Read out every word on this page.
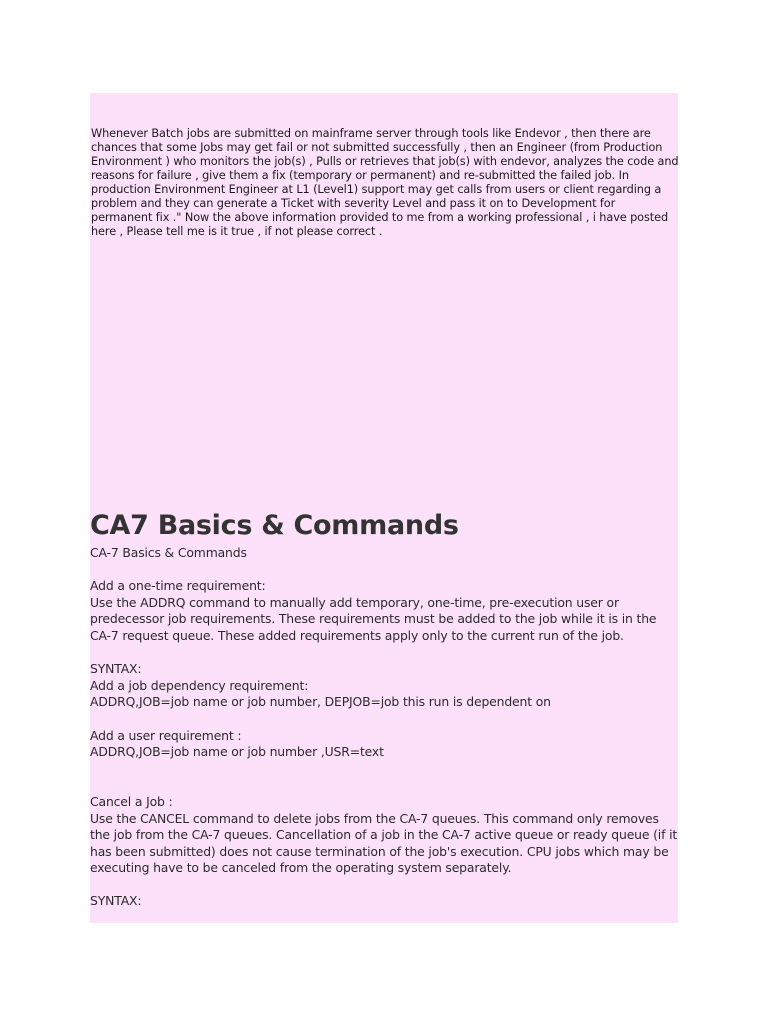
Whenever Batch jobs are submitted on mainframe server through tools like Endevor , then there are chances that some Jobs may get fail or not submitted successfully , then an Engineer (from Production Environment ) who monitors the job(s) , Pulls or retrieves that job(s) with endevor, analyzes the code and reasons for failure , give them a fix (temporary or permanent) and re-submitted the failed job. In production Environment Engineer at L1 (Level1) support may get calls from users or client regarding a problem and they can generate a Ticket with severity Level and pass it on to Development for permanent fix ." Now the above information provided to me from a working professional , i have posted here , Please tell me is it true , if not please correct .

CA7 Basics & Commands

CA-7 Basics & Commands

Add a one-time requirement:

Use the ADDRQ command to manually add temporary, one-time, pre-execution user or predecessor job requirements. These requirements must be added to the job while it is in the CA-7 request queue. These added requirements apply only to the current run of the job.

SYNTAX:

Add a job dependency requirement:

ADDRQ,JOB=job name or job number, DEPJOB=job this run is dependent on

Add a user requirement :

ADDRQ,JOB=job name or job number ,USR=text

Cancel a Job :

Use the CANCEL command to delete jobs from the CA-7 queues. This command only removes the job from the CA-7 queues. Cancellation of a job in the CA-7 active queue or ready queue (if it has been submitted) does not cause termination of the job's execution. CPU jobs which may be executing have to be canceled from the operating system separately.

SYNTAX:
